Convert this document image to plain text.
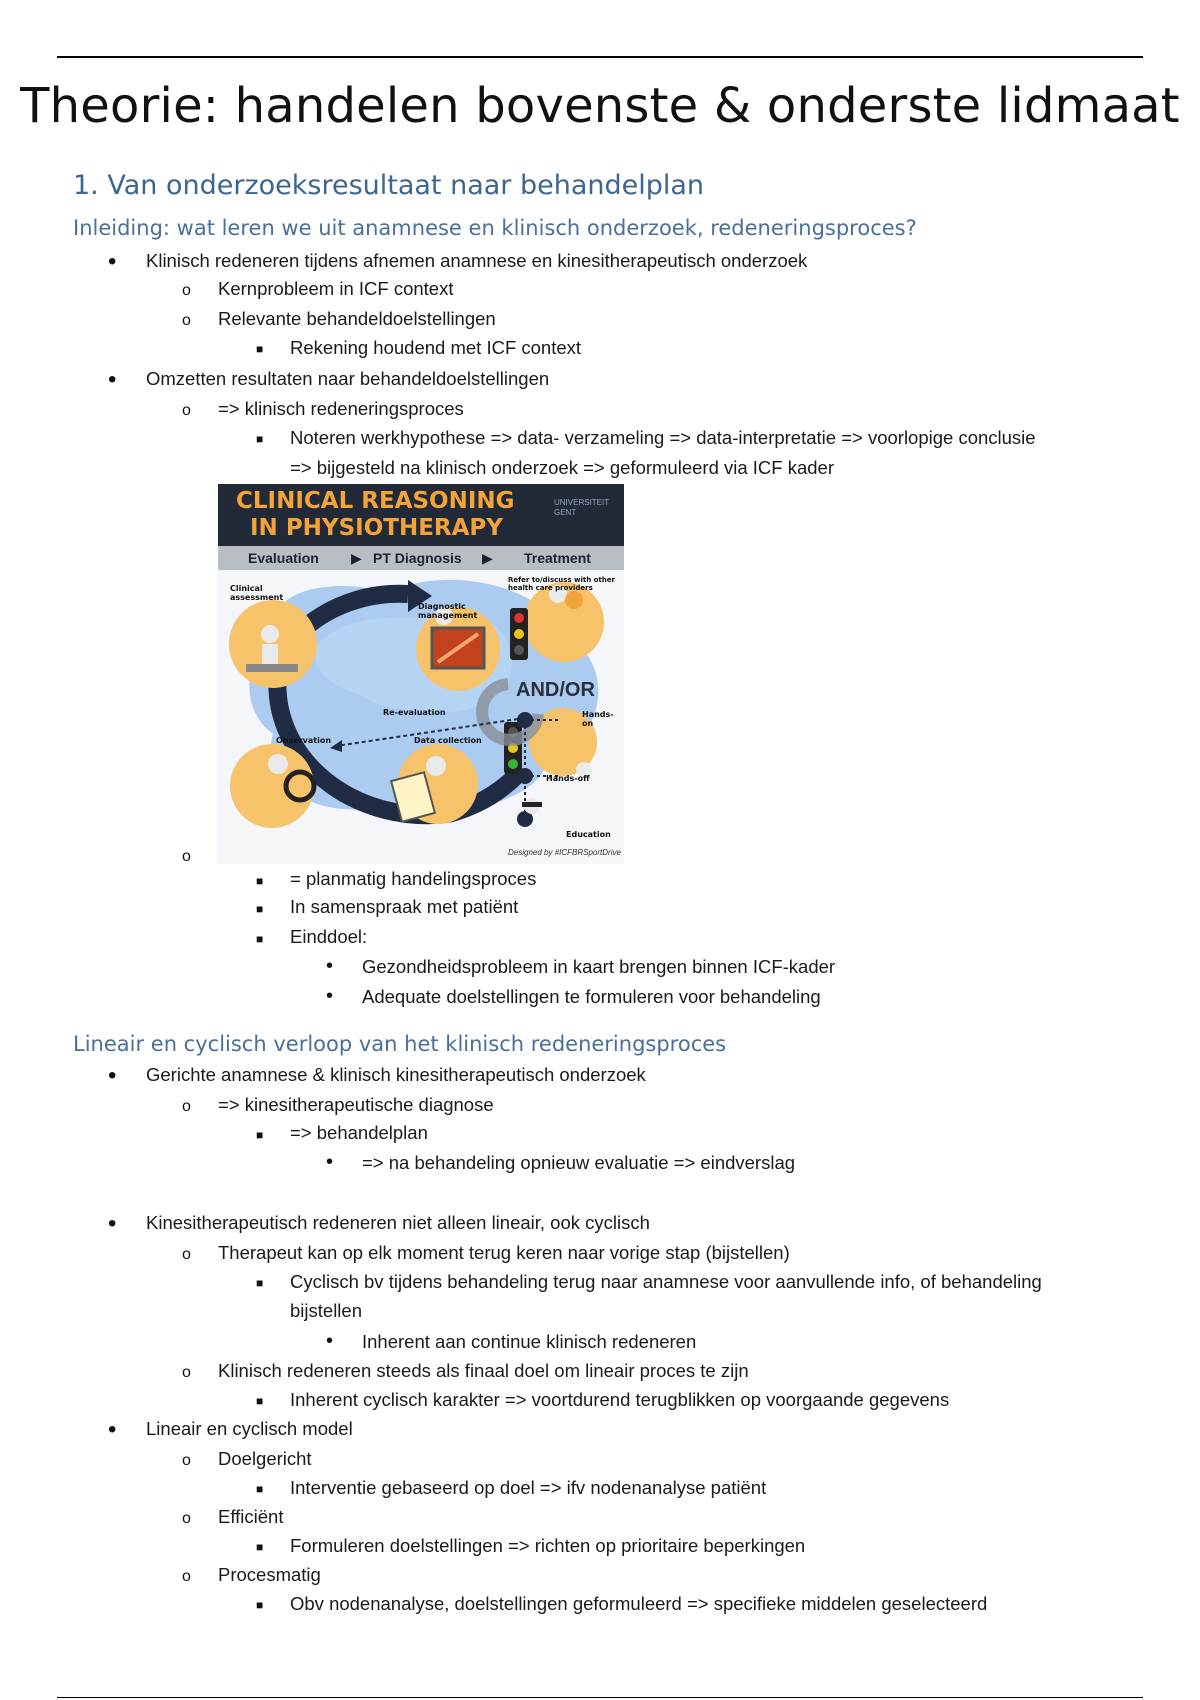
Theorie: handelen bovenste & onderste lidmaat
1. Van onderzoeksresultaat naar behandelplan
Inleiding: wat leren we uit anamnese en klinisch onderzoek, redeneringsproces?
• Klinisch redeneren tijdens afnemen anamnese en kinesitherapeutisch onderzoek
o Kernprobleem in ICF context
o Relevante behandeldoelstellingen
■ Rekening houdend met ICF context
• Omzetten resultaten naar behandeldoelstellingen
o => klinisch redeneringsproces
■ Noteren werkhypothese => data- verzameling => data-interpretatie => voorlopige conclusie
=> bijgesteld na klinisch onderzoek => geformuleerd via ICF kader
CLINICAL REASONING
IN PHYSIOTHERAPY
UNIVERSITEIT GENT
Evaluation ▶ PT Diagnosis ▶ Treatment
Clinical assessment
Diagnostic management
Refer to/discuss with other health care providers
AND/OR
Re-evaluation
Observation	Data collection
Hands-on
Hands-off
Education
Designed by #ICFBRSportDrive
o
■ = planmatig handelingsproces
■ In samenspraak met patiënt
■ Einddoel:
• Gezondheidsprobleem in kaart brengen binnen ICF-kader
• Adequate doelstellingen te formuleren voor behandeling
Lineair en cyclisch verloop van het klinisch redeneringsproces
• Gerichte anamnese & klinisch kinesitherapeutisch onderzoek
o => kinesitherapeutische diagnose
■ => behandelplan
• => na behandeling opnieuw evaluatie => eindverslag
• Kinesitherapeutisch redeneren niet alleen lineair, ook cyclisch
o Therapeut kan op elk moment terug keren naar vorige stap (bijstellen)
■ Cyclisch bv tijdens behandeling terug naar anamnese voor aanvullende info, of behandeling
bijstellen
• Inherent aan continue klinisch redeneren
o Klinisch redeneren steeds als finaal doel om lineair proces te zijn
■ Inherent cyclisch karakter => voortdurend terugblikken op voorgaande gegevens
• Lineair en cyclisch model
o Doelgericht
■ Interventie gebaseerd op doel => ifv nodenanalyse patiënt
o Efficiënt
■ Formuleren doelstellingen => richten op prioritaire beperkingen
o Procesmatig
■ Obv nodenanalyse, doelstellingen geformuleerd => specifieke middelen geselecteerd
